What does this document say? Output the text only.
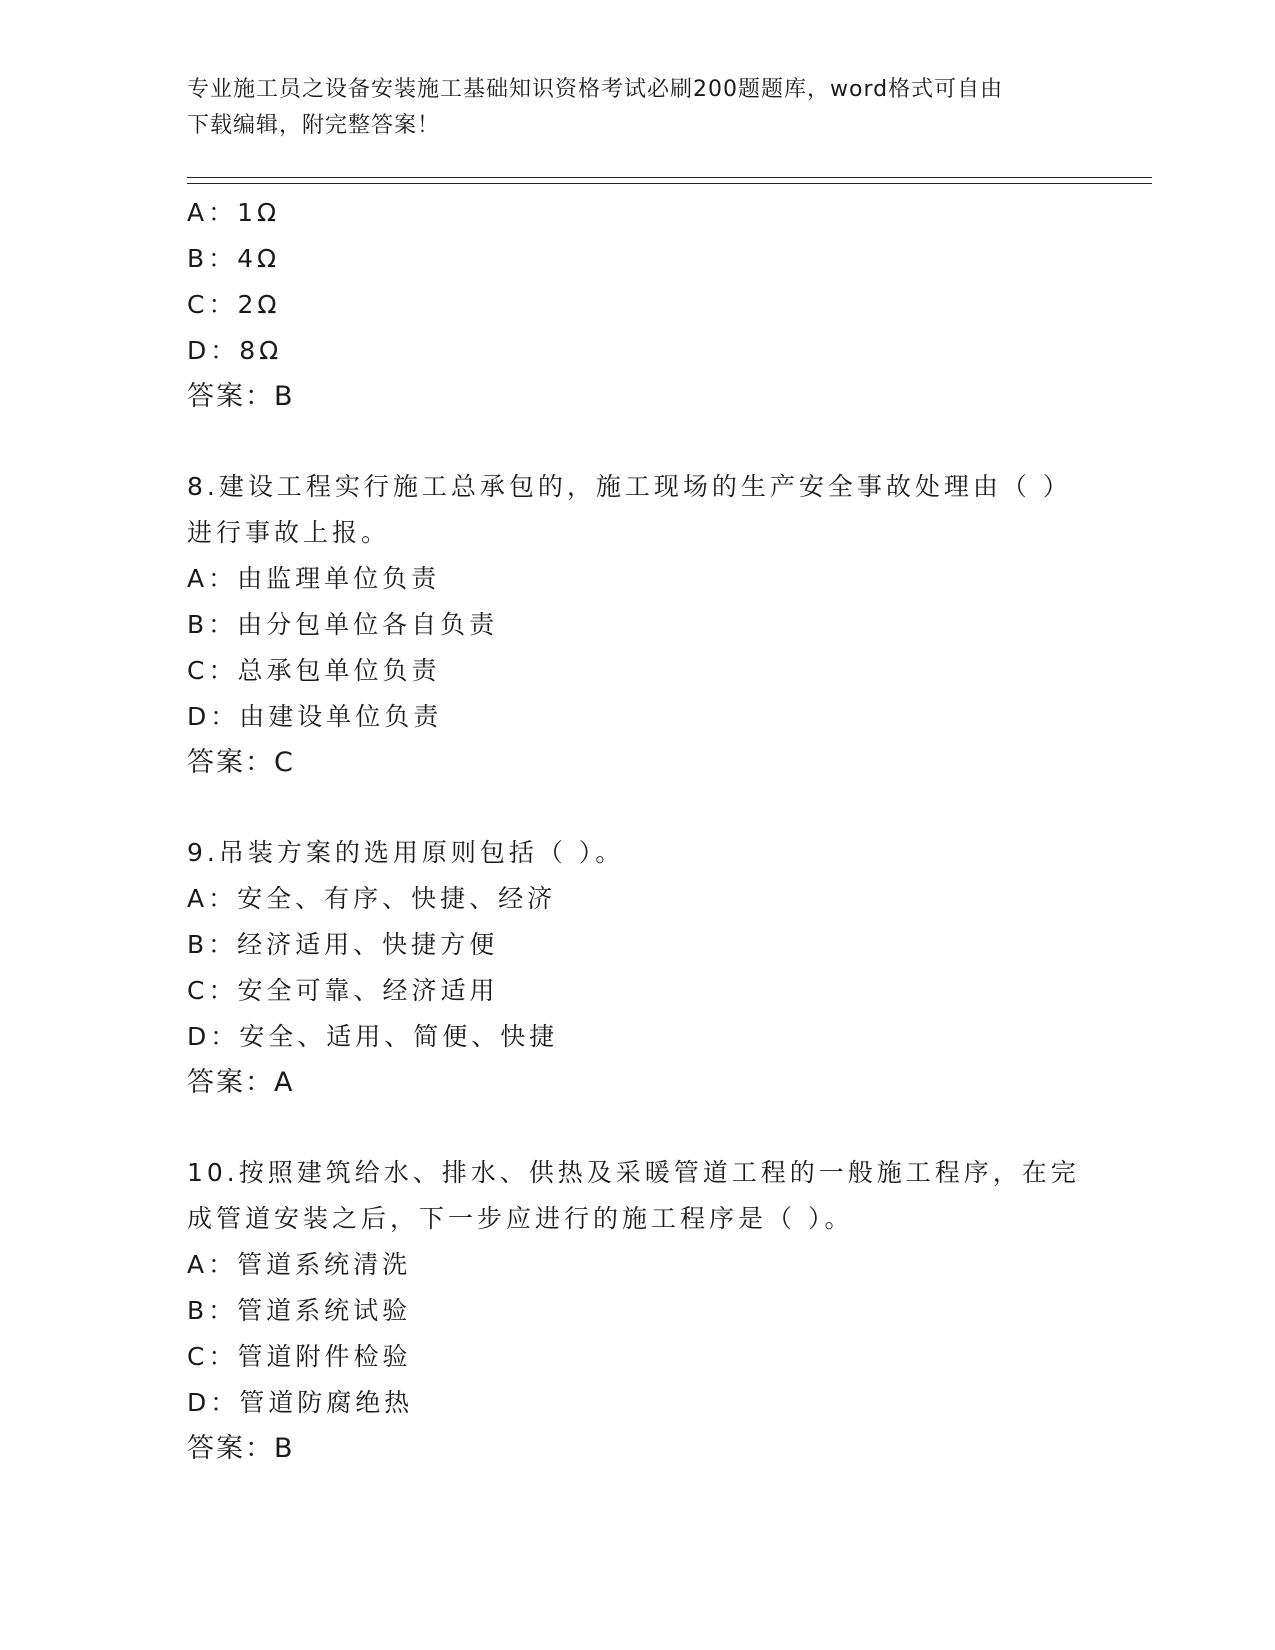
专业施工员之设备安装施工基础知识资格考试必刷200题题库，word格式可自由
下载编辑，附完整答案！
A：1Ω
B：4Ω
C：2Ω
D：8Ω
答案：B
8.建设工程实行施工总承包的，施工现场的生产安全事故处理由（ ）进行事故上报。
A：由监理单位负责
B：由分包单位各自负责
C：总承包单位负责
D：由建设单位负责
答案：C
9.吊装方案的选用原则包括（ ）。
A：安全、有序、快捷、经济
B：经济适用、快捷方便
C：安全可靠、经济适用
D：安全、适用、简便、快捷
答案：A
10.按照建筑给水、排水、供热及采暖管道工程的一般施工程序，在完成管道安装之后，下一步应进行的施工程序是（ ）。
A：管道系统清洗
B：管道系统试验
C：管道附件检验
D：管道防腐绝热
答案：B
